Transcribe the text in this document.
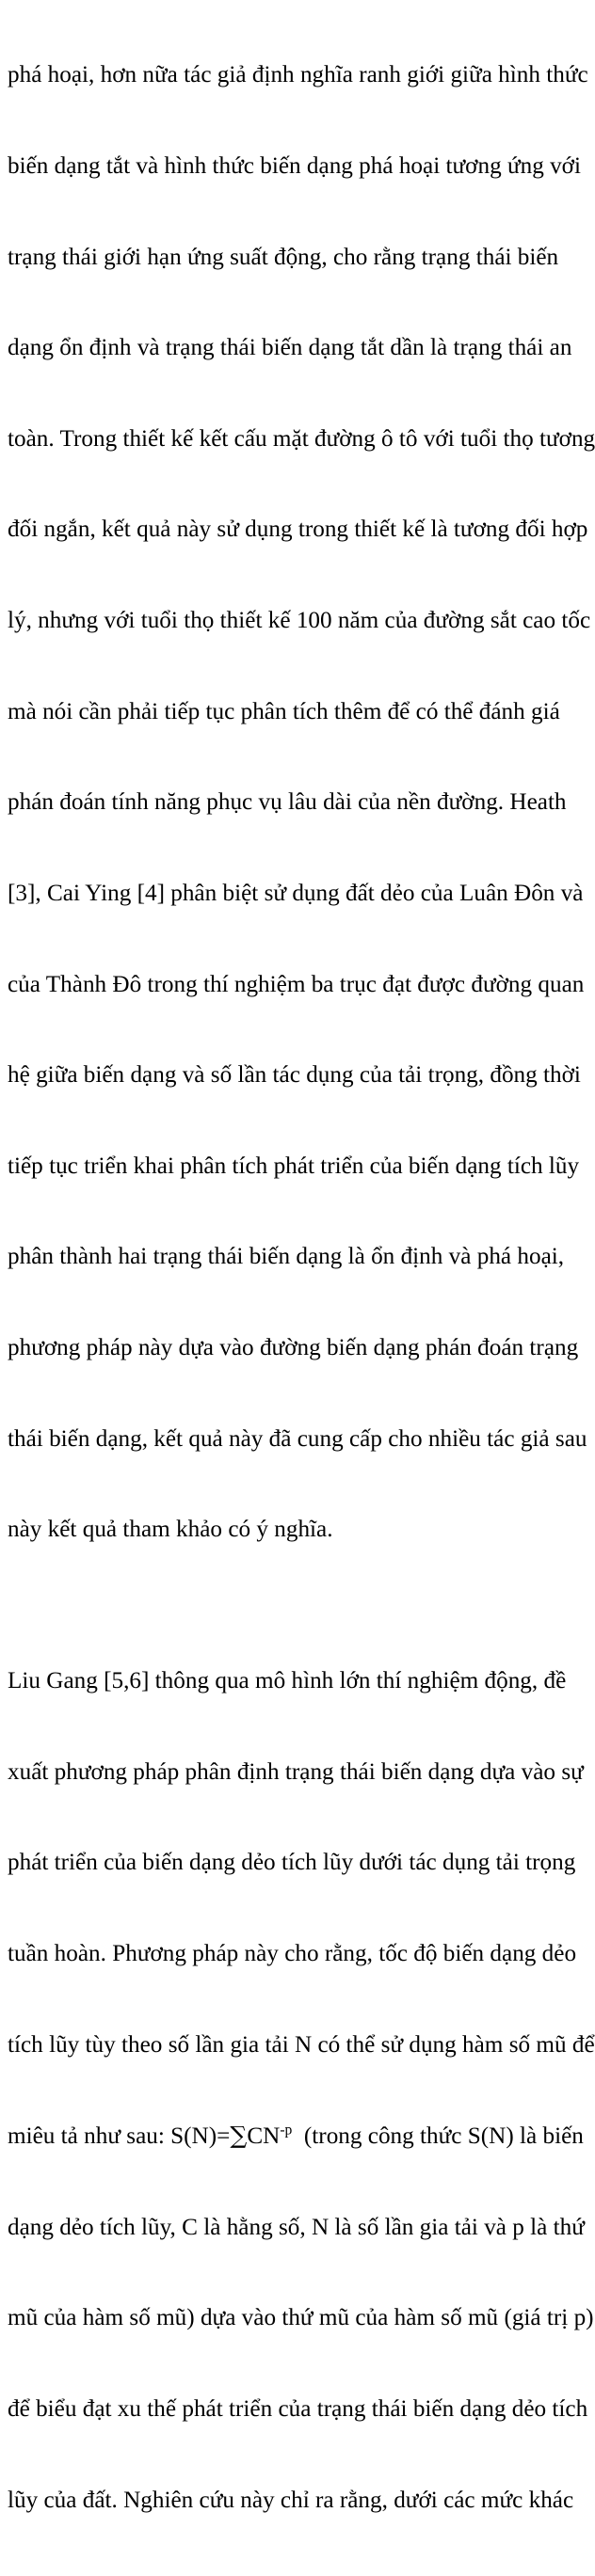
phá hoại, hơn nữa tác giả định nghĩa ranh giới giữa hình thức

biến dạng tắt và hình thức biến dạng phá hoại tương ứng với

trạng thái giới hạn ứng suất động, cho rằng trạng thái biến

dạng ổn định và trạng thái biến dạng tắt dần là trạng thái an

toàn. Trong thiết kế kết cấu mặt đường ô tô với tuổi thọ tương

đối ngắn, kết quả này sử dụng trong thiết kế là tương đối hợp

lý, nhưng với tuổi thọ thiết kế 100 năm của đường sắt cao tốc

mà nói cần phải tiếp tục phân tích thêm để có thể đánh giá

phán đoán tính năng phục vụ lâu dài của nền đường. Heath

[3], Cai Ying [4] phân biệt sử dụng đất dẻo của Luân Đôn và

của Thành Đô trong thí nghiệm ba trục đạt được đường quan

hệ giữa biến dạng và số lần tác dụng của tải trọng, đồng thời

tiếp tục triển khai phân tích phát triển của biến dạng tích lũy

phân thành hai trạng thái biến dạng là ổn định và phá hoại,

phương pháp này dựa vào đường biến dạng phán đoán trạng

thái biến dạng, kết quả này đã cung cấp cho nhiều tác giả sau

này kết quả tham khảo có ý nghĩa.

Liu Gang [5,6] thông qua mô hình lớn thí nghiệm động, đề

xuất phương pháp phân định trạng thái biến dạng dựa vào sự

phát triển của biến dạng dẻo tích lũy dưới tác dụng tải trọng

tuần hoàn. Phương pháp này cho rằng, tốc độ biến dạng dẻo

tích lũy tùy theo số lần gia tải N có thể sử dụng hàm số mũ để

miêu tả như sau: $S(N)=\sum CN^{-p}$  (trong công thức S(N) là biến

dạng dẻo tích lũy, C là hằng số, N là số lần gia tải và p là thứ

mũ của hàm số mũ) dựa vào thứ mũ của hàm số mũ (giá trị p)

để biểu đạt xu thế phát triển của trạng thái biến dạng dẻo tích

lũy của đất. Nghiên cứu này chỉ ra rằng, dưới các mức khác
